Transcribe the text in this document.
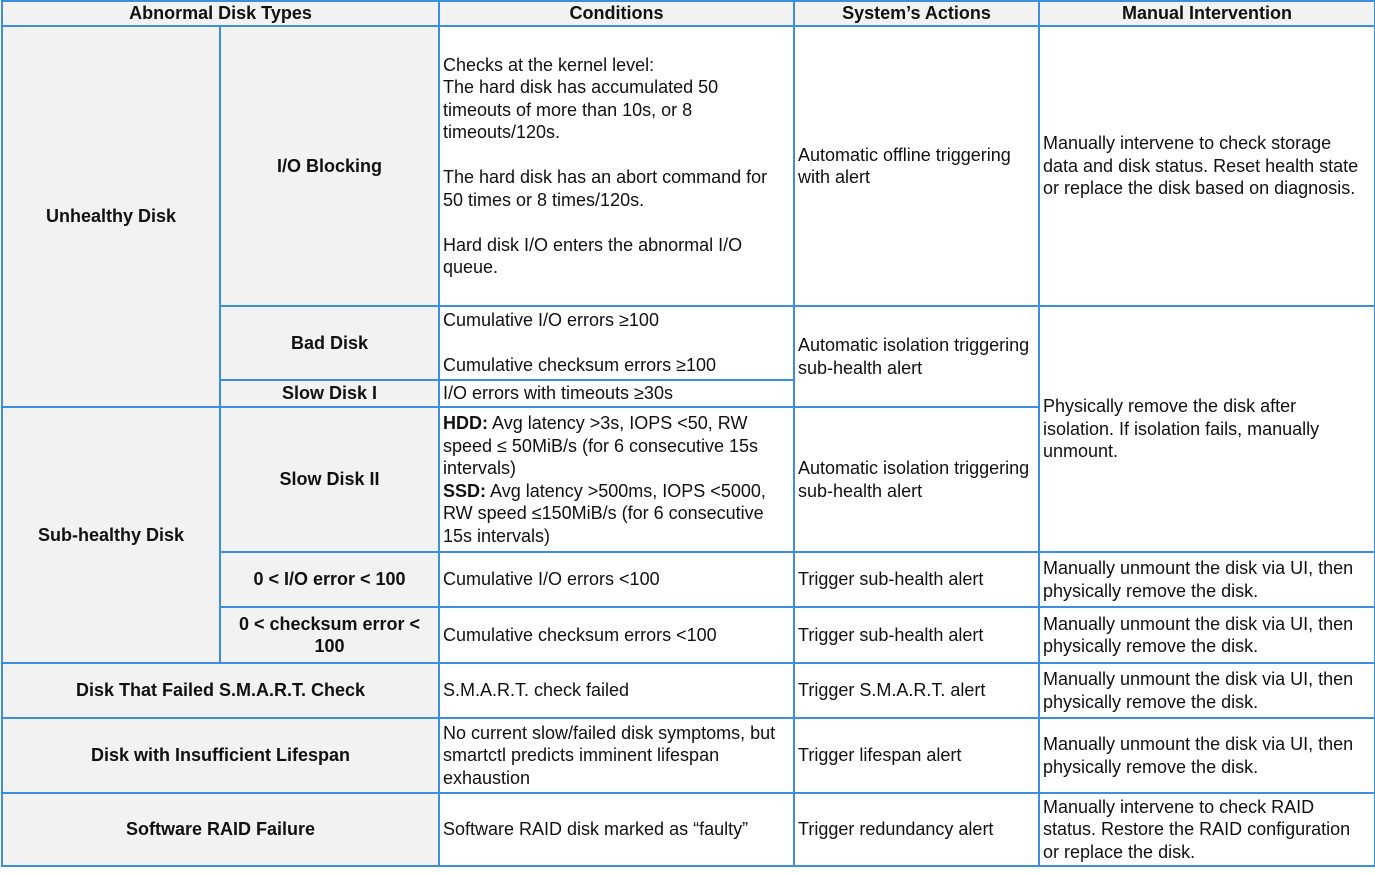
Abnormal Disk Types		Conditions	System’s Actions	Manual Intervention
Unhealthy Disk	I/O Blocking	Checks at the kernel level:
The hard disk has accumulated 50 timeouts of more than 10s, or 8 timeouts/120s.
The hard disk has an abort command for 50 times or 8 times/120s.
Hard disk I/O enters the abnormal I/O queue.	Automatic offline triggering with alert	Manually intervene to check storage data and disk status. Reset health state or replace the disk based on diagnosis.
	Bad Disk	Cumulative I/O errors ≥100
Cumulative checksum errors ≥100	Automatic isolation triggering sub-health alert	Physically remove the disk after isolation. If isolation fails, manually unmount.
	Slow Disk I	I/O errors with timeouts ≥30s		
Sub-healthy Disk	Slow Disk II	HDD: Avg latency >3s, IOPS <50, RW speed ≤ 50MiB/s (for 6 consecutive 15s intervals)
SSD: Avg latency >500ms, IOPS <5000, RW speed ≤150MiB/s (for 6 consecutive 15s intervals)	Automatic isolation triggering sub-health alert	
	0 < I/O error < 100	Cumulative I/O errors <100	Trigger sub-health alert	Manually unmount the disk via UI, then physically remove the disk.
	0 < checksum error < 100	Cumulative checksum errors <100	Trigger sub-health alert	Manually unmount the disk via UI, then physically remove the disk.
Disk That Failed S.M.A.R.T. Check		S.M.A.R.T. check failed	Trigger S.M.A.R.T. alert	Manually unmount the disk via UI, then physically remove the disk.
Disk with Insufficient Lifespan		No current slow/failed disk symptoms, but smartctl predicts imminent lifespan exhaustion	Trigger lifespan alert	Manually unmount the disk via UI, then physically remove the disk.
Software RAID Failure		Software RAID disk marked as “faulty”	Trigger redundancy alert	Manually intervene to check RAID status. Restore the RAID configuration or replace the disk.
